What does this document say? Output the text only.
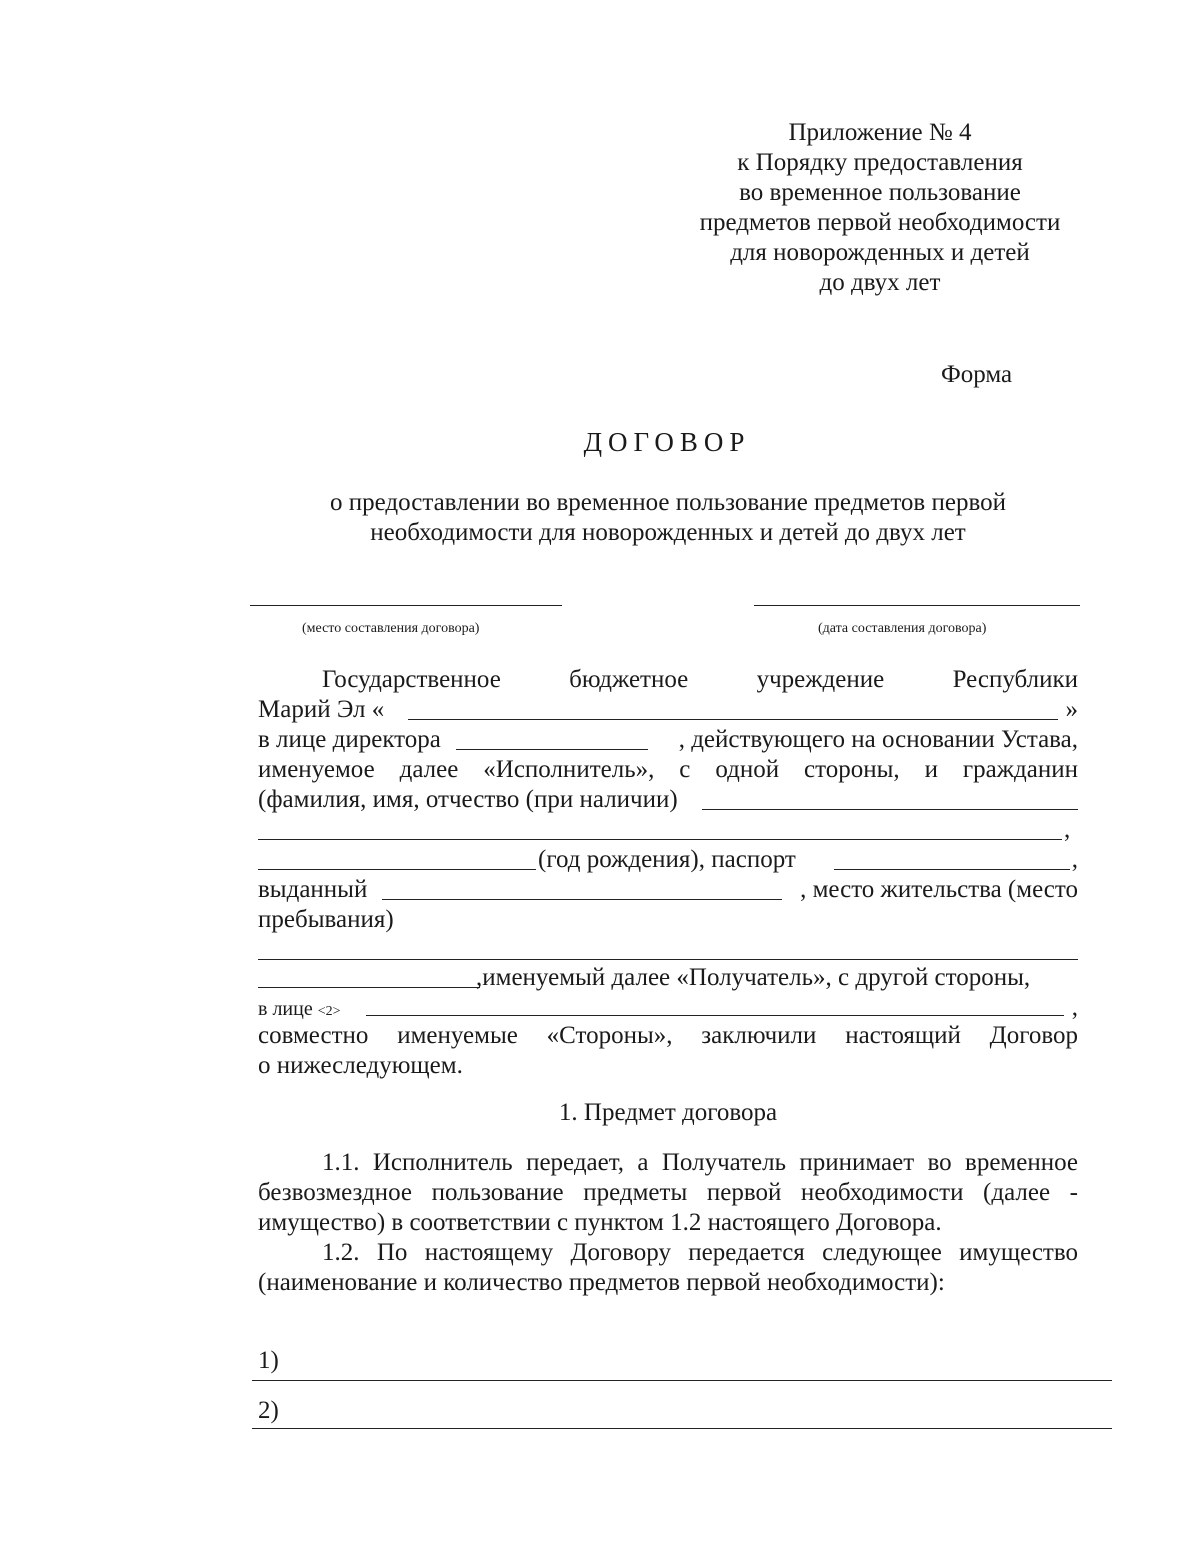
Приложение № 4
к Порядку предоставления
во временное пользование
предметов первой необходимости
для новорожденных и детей
до двух лет
Форма
ДОГОВОР
о предоставлении во временное пользование предметов первой
необходимости для новорожденных и детей до двух лет
(место составления договора)	(дата составления договора)
Государственное бюджетное учреждение Республики
Марий Эл «	»
в лице директора	, действующего на основании Устава,
именуемое далее «Исполнитель», с одной стороны, и гражданин
(фамилия, имя, отчество (при наличии)
,
(год рождения), паспорт	,
выданный	, место жительства (место
пребывания)
,именуемый далее «Получатель», с другой стороны,
в лице <2>	,
совместно именуемые «Стороны», заключили настоящий Договор
о нижеследующем.
1. Предмет договора
1.1. Исполнитель передает, а Получатель принимает во временное
безвозмездное пользование предметы первой необходимости (далее -
имущество) в соответствии с пунктом 1.2 настоящего Договора.
1.2. По настоящему Договору передается следующее имущество
(наименование и количество предметов первой необходимости):
1)
2)
